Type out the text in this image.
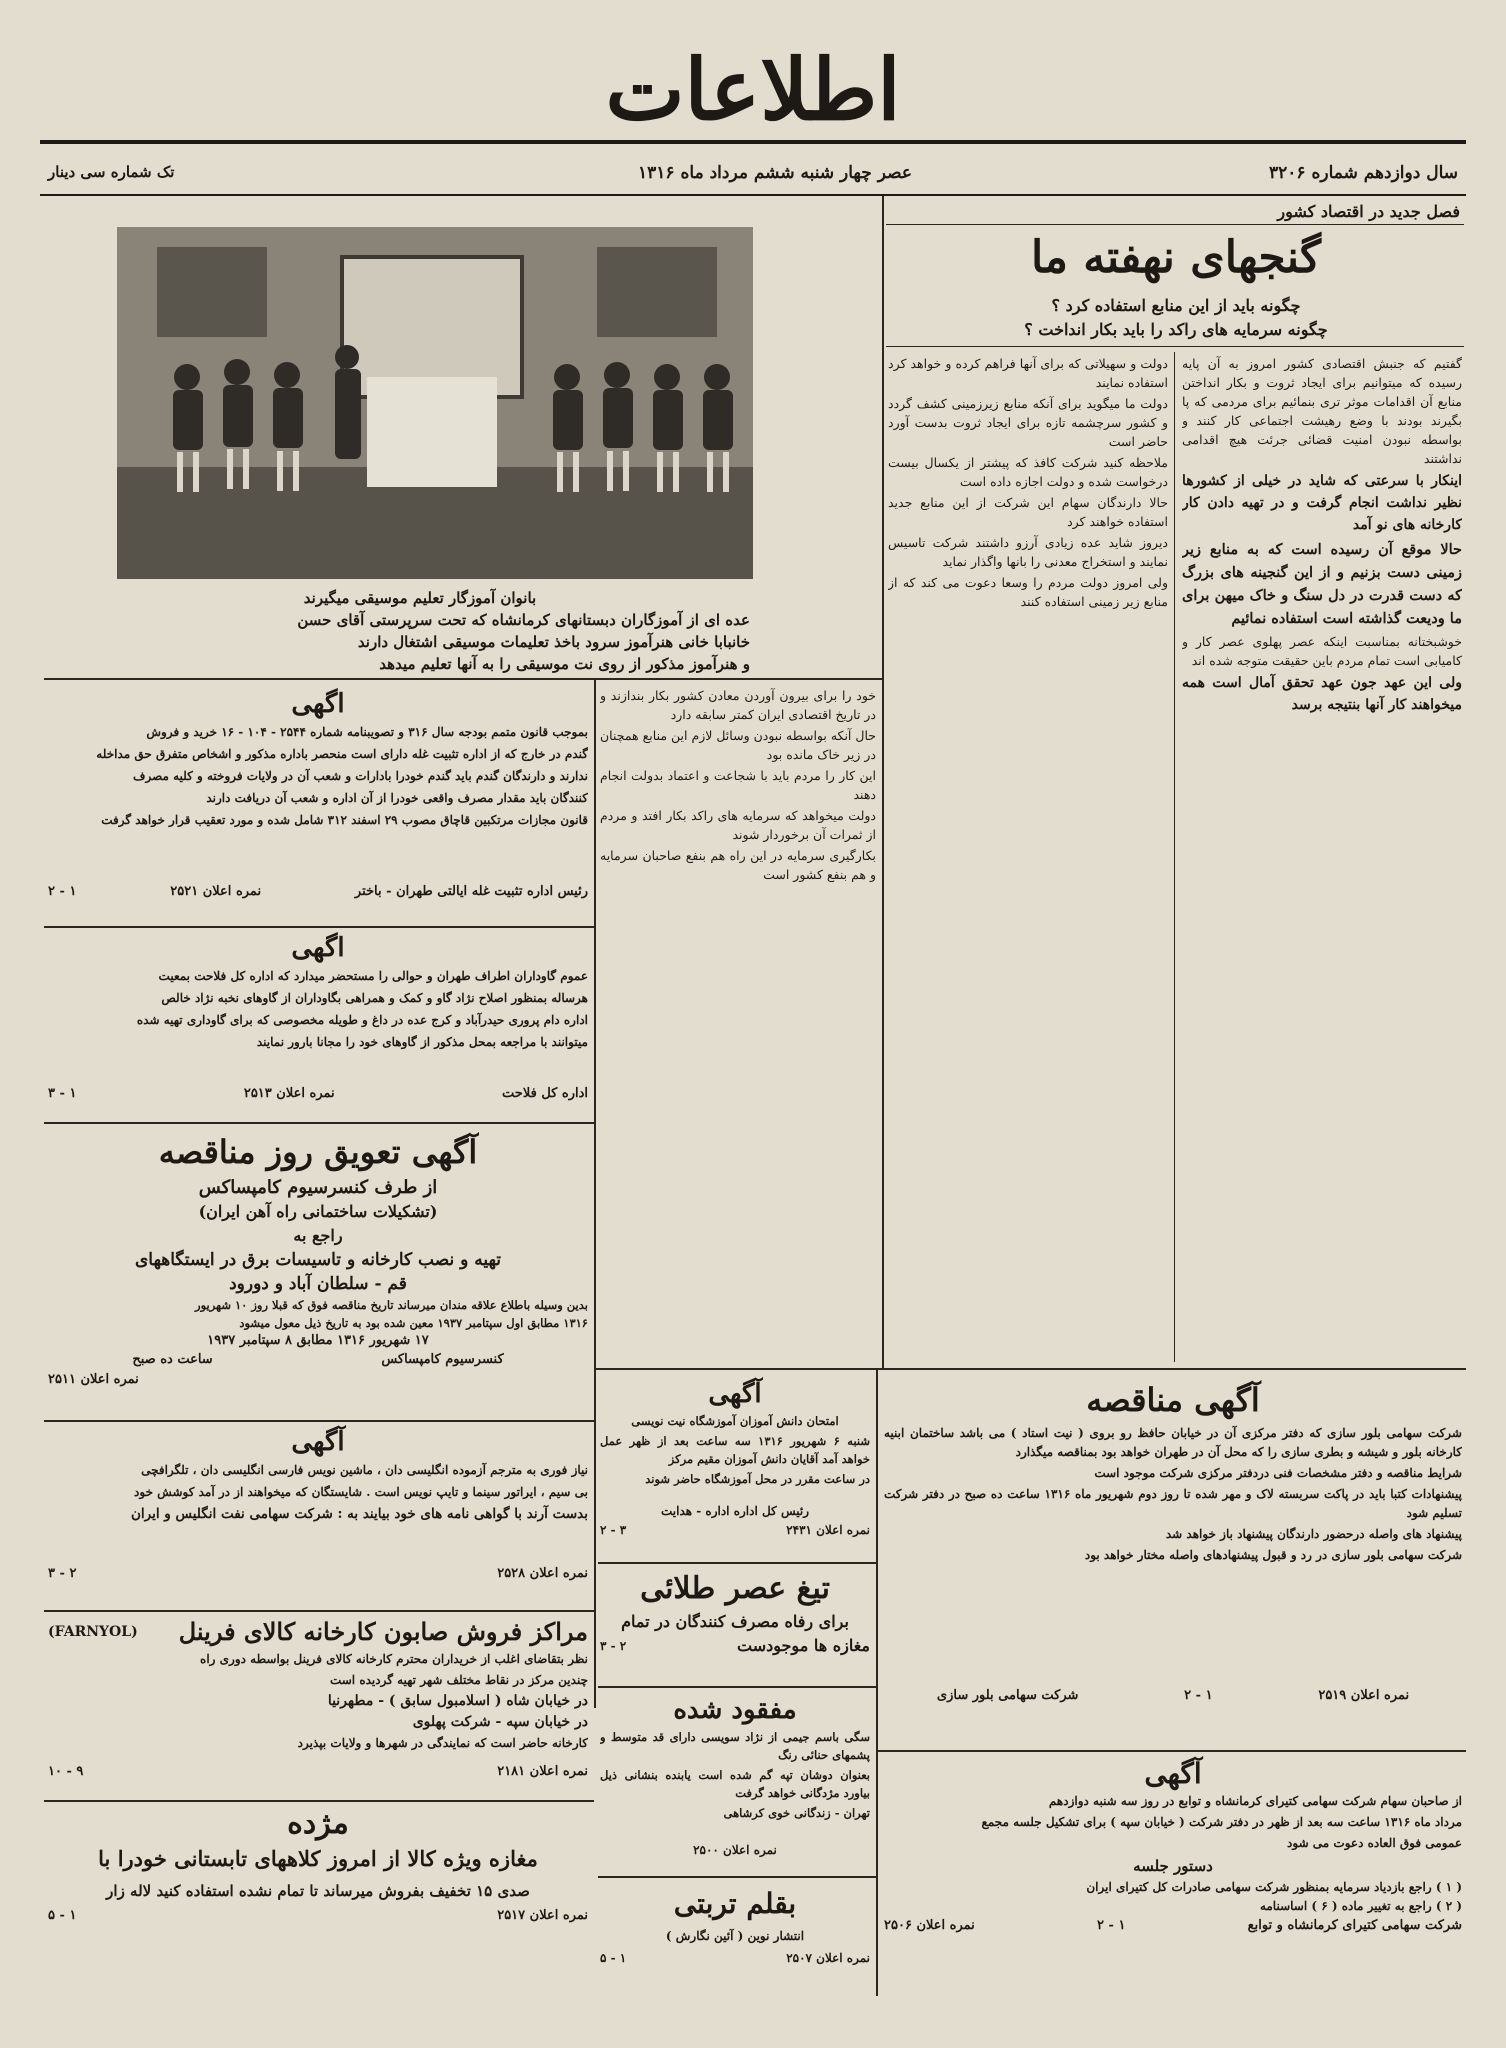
اطلاعات
سال دوازدهم شماره ۳۲۰۶
عصر چهار شنبه ششم مرداد ماه ۱۳۱۶
تک شماره سی دینار
فصل جدید در اقتصاد کشور
گنجهای نهفته ما
چگونه باید از این منابع استفاده کرد ؟
چگونه سرمایه های راکد را باید بکار انداخت ؟

گفتیم که جنبش اقتصادی کشور امروز به آن پایه رسیده که میتوانیم برای ایجاد ثروت و بکار انداختن منابع آن اقدامات موثر تری بنمائیم برای مردمی که پا بگیرند بودند با وضع رهیشت اجتماعی کار کنند و بواسطه نبودن امنیت قضائی جرئت هیچ اقدامی نداشتند

اینکار با سرعتی که شاید در خیلی از کشورها نظیر نداشت انجام گرفت و در تهیه دادن کار کارخانه های نو آمد

حالا موقع آن رسیده است که به منابع زیر زمینی دست بزنیم و از این گنجینه های بزرگ که دست قدرت در دل سنگ و خاک میهن برای ما ودیعت گذاشته است استفاده نمائیم

خوشبختانه بمناسبت اینکه عصر پهلوی عصر کار و کامیابی است تمام مردم باین حقیقت متوجه شده اند

ولی این عهد جون عهد تحقق آمال است همه میخواهند کار آنها بنتیجه برسد

دولت و سهیلاتی که برای آنها فراهم کرده و خواهد کرد استفاده نمایند

دولت ما میگوید برای آنکه منابع زیرزمینی کشف گردد و کشور سرچشمه تازه برای ایجاد ثروت بدست آورد حاضر است

ملاحظه کنید شرکت کافذ که پیشتر از یکسال بیست درخواست شده و دولت اجازه داده است

حالا دارندگان سهام این شرکت از این منابع جدید استفاده خواهند کرد

دیروز شاید عده زیادی آرزو داشتند شرکت تاسیس نمایند و استخراج معدنی را بانها واگذار نماید

ولی امروز دولت مردم را وسعا دعوت می کند که از منابع زیر زمینی استفاده کنند

بانوان آموزگار تعلیم موسیقی میگیرند
عده ای از آموزگاران دبستانهای کرمانشاه که تحت سرپرستی آقای حسن
خانبابا خانی هنرآموز سرود باخذ تعلیمات موسیقی اشتغال دارند
و هنرآموز مذکور از روی نت موسیقی را به آنها تعلیم میدهد

خود را برای بیرون آوردن معادن کشور بکار بندازند و در تاریخ اقتصادی ایران کمتر سابقه دارد

حال آنکه بواسطه نبودن وسائل لازم این منابع همچنان در زیر خاک مانده بود

این کار را مردم باید با شجاعت و اعتماد بدولت انجام دهند

دولت میخواهد که سرمایه های راکد بکار افتد و مردم از ثمرات آن برخوردار شوند

بکارگیری سرمایه در این راه هم بنفع صاحبان سرمایه و هم بنفع کشور است

اگهی

بموجب قانون متمم بودجه سال ۳۱۶ و تصویبنامه شماره ۲۵۴۴ - ۱۰۴ - ۱۶ خرید و فروش

گندم در خارج که از اداره تثبیت غله دارای است منحصر باداره مذکور و اشخاص متفرق حق مداخله

ندارند و دارندگان گندم باید گندم خودرا بادارات و شعب آن در ولایات فروخته و کلیه مصرف

کنندگان باید مقدار مصرف واقعی خودرا از آن اداره و شعب آن دریافت دارند

قانون مجازات مرتکبین قاچاق مصوب ۲۹ اسفند ۳۱۲ شامل شده و مورد تعقیب قرار خواهد گرفت

رئیس اداره تثبیت غله ایالتی طهران - باختر
نمره اعلان ۲۵۲۱
۱ - ۲
اگهی

عموم گاوداران اطراف طهران و حوالی را مستحضر میدارد که اداره کل فلاحت بمعیت

هرساله بمنظور اصلاح نژاد گاو و کمک و همراهی بگاوداران از گاوهای نخبه نژاد خالص

اداره دام پروری حیدرآباد و کرج عده در داغ و طویله مخصوصی که برای گاوداری تهیه شده

میتوانند با مراجعه بمحل مذکور از گاوهای خود را مجانا بارور نمایند

اداره کل فلاحت
نمره اعلان ۲۵۱۳
۱ - ۳
آگهی تعویق روز مناقصه
از طرف کنسرسیوم کامپساکس
(تشکیلات ساختمانی راه آهن ایران)
راجع به
تهیه و نصب کارخانه و تاسیسات برق در ایستگاههای
قم - سلطان آباد و دورود
بدین وسیله باطلاع علاقه مندان میرساند تاریخ مناقصه فوق که قبلا روز ۱۰ شهریور
۱۳۱۶ مطابق اول سپتامبر ۱۹۳۷ معین شده بود به تاریخ ذیل معول میشود
۱۷ شهریور ۱۳۱۶ مطابق ۸ سپتامبر ۱۹۳۷
کنسرسیوم کامپساکس
ساعت ده صبح
نمره اعلان ۲۵۱۱
آگهی

نیاز فوری به مترجم آزموده انگلیسی دان ، ماشین نویس فارسی انگلیسی دان ، تلگرافچی

بی سیم ، ایراتور سینما و تایپ نویس است . شایستگان که میخواهند از در آمد کوشش خود

بدست آرند با گواهی نامه های خود بیایند به : شرکت سهامی نفت انگلیس و ایران

نمره اعلان ۲۵۲۸
۲ - ۳
مراکز فروش صابون کارخانه کالای فرینل
(FARNYOL)

نظر بتقاضای اغلب از خریداران محترم کارخانه کالای فرینل بواسطه دوری راه

چندین مرکز در نقاط مختلف شهر تهیه گردیده است

در خیابان شاه ( اسلامبول سابق ) - مطهرنیا

در خیابان سپه - شرکت پهلوی

کارخانه حاضر است که نمایندگی در شهرها و ولایات بپذیرد

نمره اعلان ۲۱۸۱
۹ - ۱۰
مژده
مغازه ویژه کالا از امروز کلاههای تابستانی خودرا با
صدی ۱۵ تخفیف بفروش میرساند تا تمام نشده استفاده کنید لاله زار
نمره اعلان ۲۵۱۷
۱ - ۵
آگهی

امتحان دانش آموزان آموزشگاه نیت نویسی

شنبه ۶ شهریور ۱۳۱۶ سه ساعت بعد از ظهر عمل خواهد آمد آقایان دانش آموزان مقیم مرکز

در ساعت مقرر در محل آموزشگاه حاضر شوند

رئیس کل اداره اداره - هدایت
نمره اعلان ۲۴۳۱
۳ - ۲
تیغ عصر طلائی
برای رفاه مصرف کنندگان در تمام
مغازه ها موجودست
۲ - ۳
مفقود شده

سگی باسم جیمی از نژاد سویسی دارای قد متوسط و پشمهای حنائی رنگ

بعنوان دوشان تپه گم شده است یابنده بنشانی ذیل بیاورد مژدگانی خواهد گرفت

تهران - زندگانی خوی کرشاهی

نمره اعلان ۲۵۰۰
بقلم تربتی
انتشار نوین ( آئین نگارش )
نمره اعلان ۲۵۰۷
۱ - ۵
آگهی مناقصه

شرکت سهامی بلور سازی که دفتر مرکزی آن در خیابان حافظ رو بروی ( نیت استاد ) می باشد ساختمان ابنیه کارخانه بلور و شیشه و بطری سازی را که محل آن در طهران خواهد بود بمناقصه میگذارد

شرایط مناقصه و دفتر مشخصات فنی دردفتر مرکزی شرکت موجود است

پیشنهادات کتبا باید در پاکت سربسته لاک و مهر شده تا روز دوم شهریور ماه ۱۳۱۶ ساعت ده صبح در دفتر شرکت تسلیم شود

پیشنهاد های واصله درحضور دارندگان پیشنهاد باز خواهد شد

شرکت سهامی بلور سازی در رد و قبول پیشنهادهای واصله مختار خواهد بود

نمره اعلان ۲۵۱۹
۱ - ۲
شرکت سهامی بلور سازی
آگهی

از صاحبان سهام شرکت سهامی کتیرای کرمانشاه و توابع در روز سه شنبه دوازدهم

مرداد ماه ۱۳۱۶ ساعت سه بعد از ظهر در دفتر شرکت ( خیابان سپه ) برای تشکیل جلسه مجمع

عمومی فوق العاده دعوت می شود

دستور جلسه
( ۱ ) راجع بازدیاد سرمایه بمنظور شرکت سهامی صادرات کل کتیرای ایران
( ۲ ) راجع به تغییر ماده ( ۶ ) اساسنامه
شرکت سهامی کتیرای کرمانشاه و توابع
۱ - ۲
نمره اعلان ۲۵۰۶
